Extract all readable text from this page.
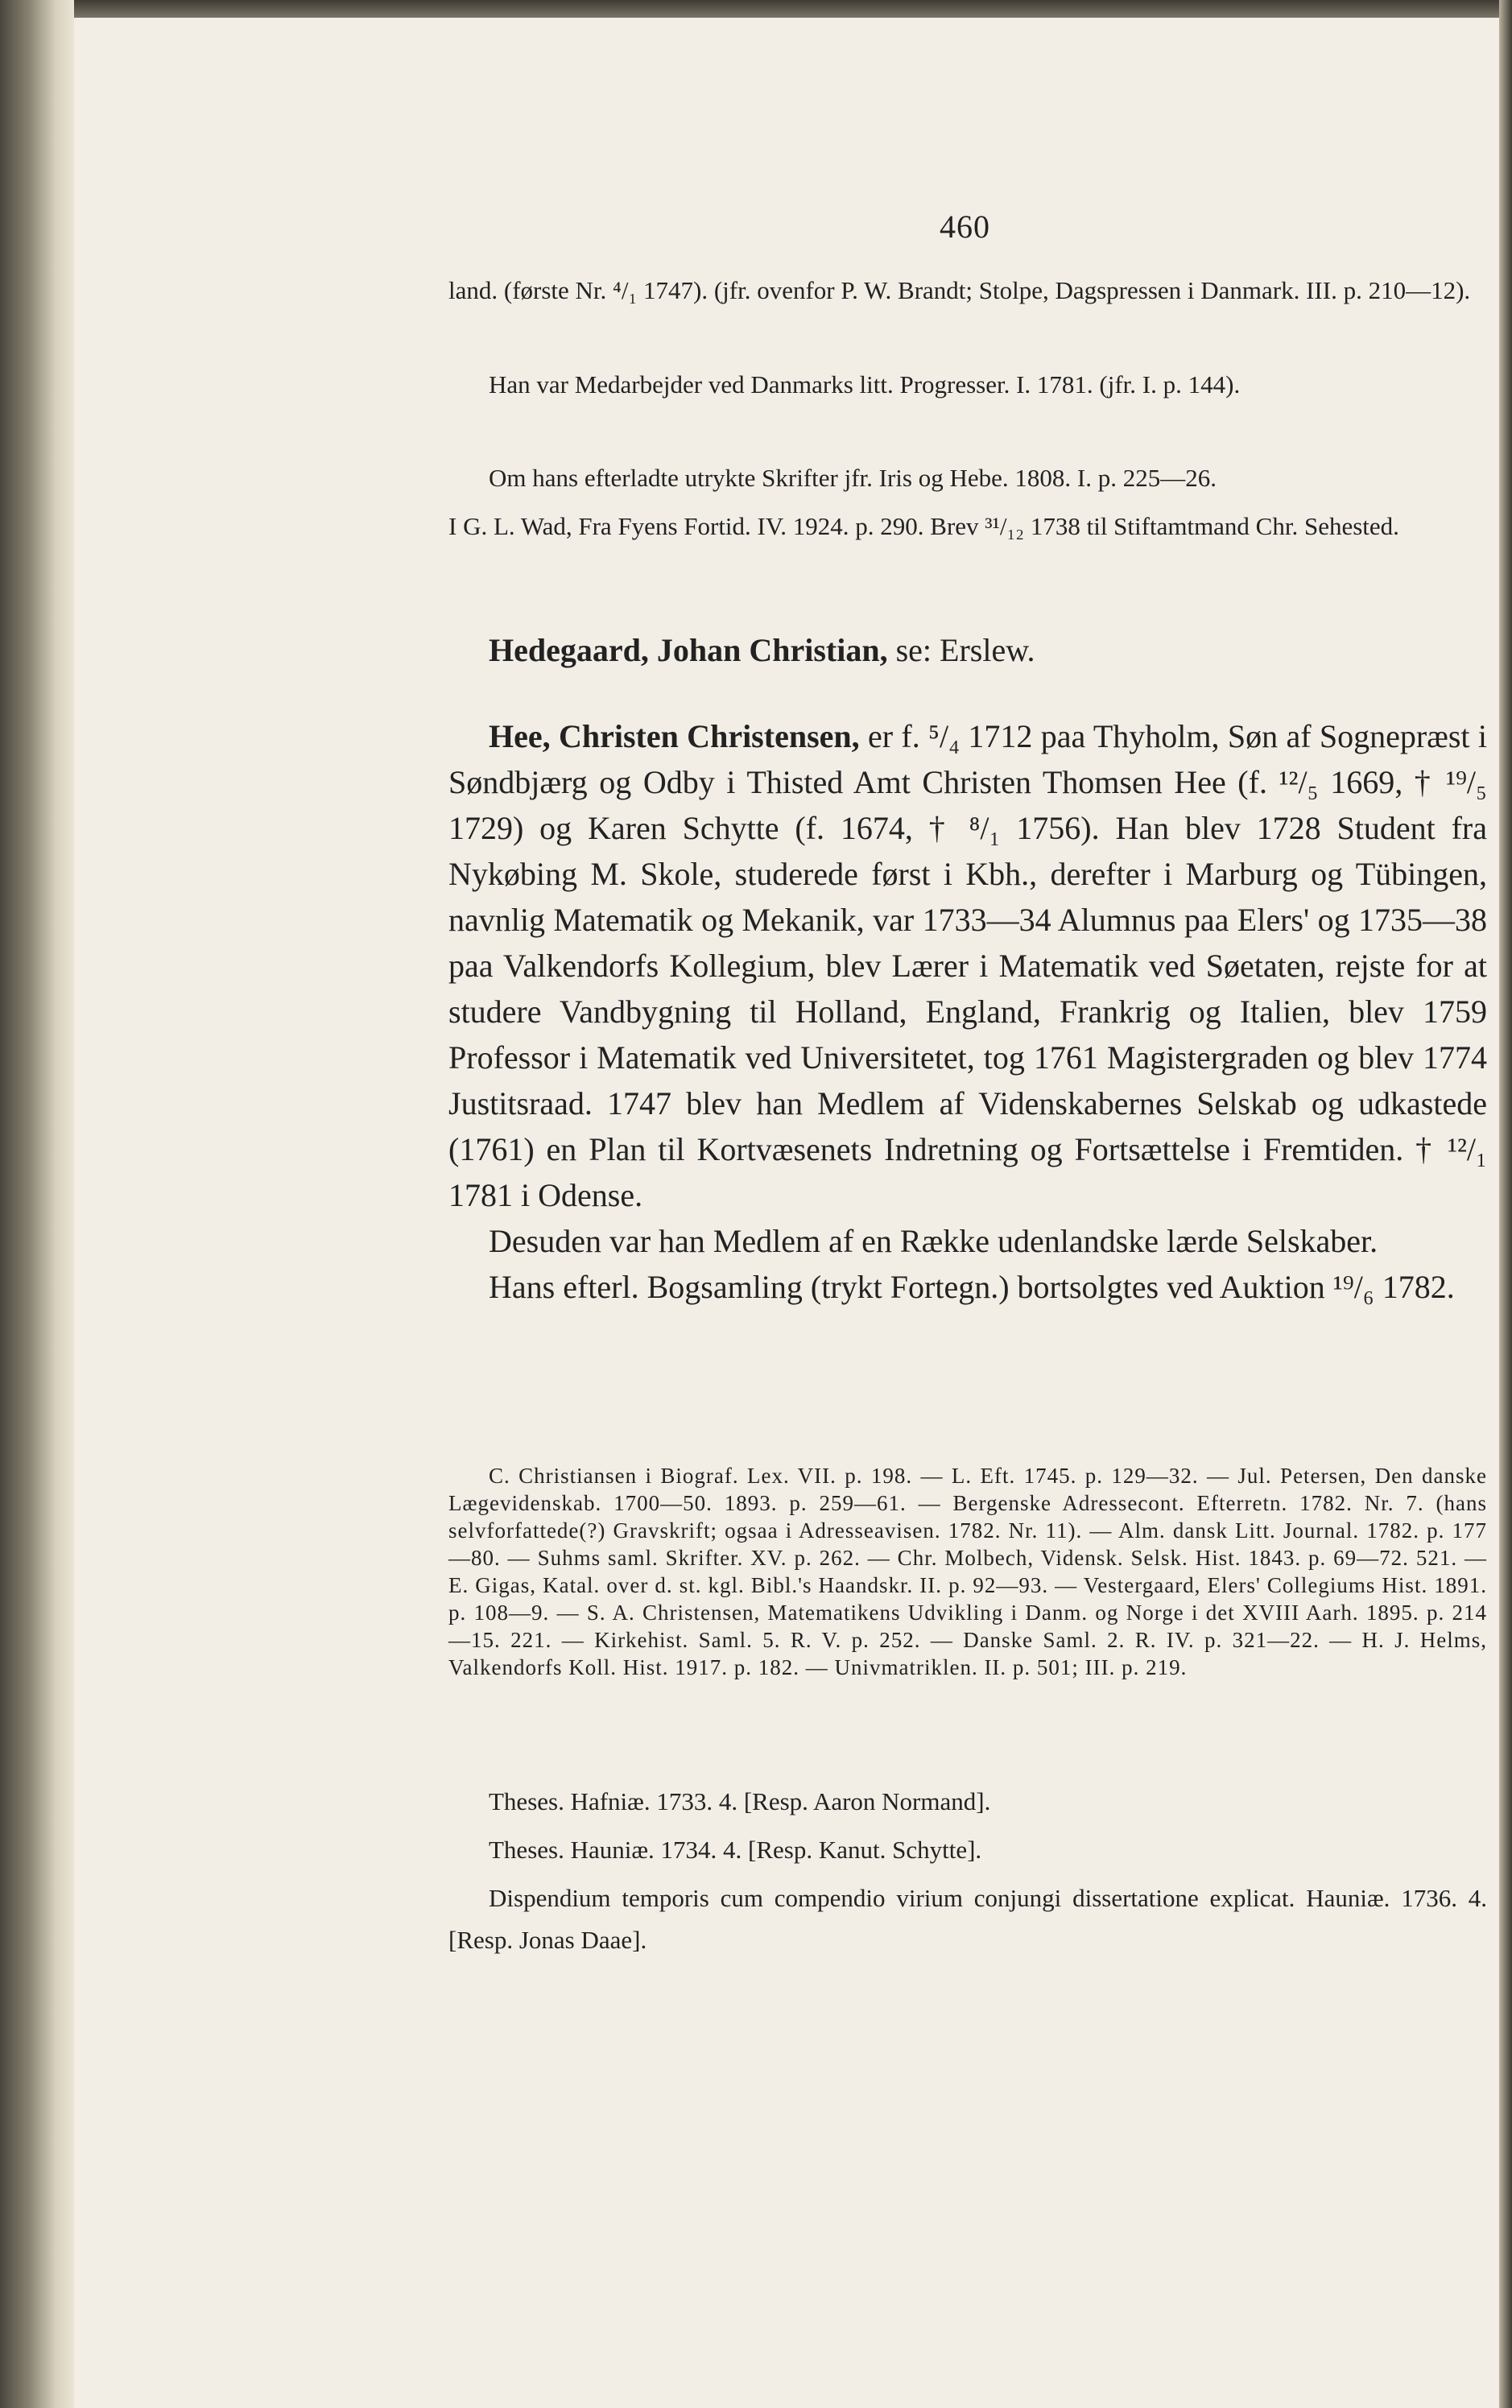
460

land. (første Nr. ⁴/₁ 1747). (jfr. ovenfor P. W. Brandt; Stolpe, Dagspressen i Danmark. III. p. 210—12).

Han var Medarbejder ved Danmarks litt. Progresser. I. 1781. (jfr. I. p. 144).

Om hans efterladte utrykte Skrifter jfr. Iris og Hebe. 1808. I. p. 225—26.

I G. L. Wad, Fra Fyens Fortid. IV. 1924. p. 290. Brev ³¹/₁₂ 1738 til Stiftamtmand Chr. Sehested.

Hedegaard, Johan Christian, se: Erslew.

Hee, Christen Christensen, er f. ⁵/₄ 1712 paa Thyholm, Søn af Sognepræst i Søndbjærg og Odby i Thisted Amt Christen Thomsen Hee (f. ¹²/₅ 1669, † ¹⁹/₅ 1729) og Karen Schytte (f. 1674, † ⁸/₁ 1756). Han blev 1728 Student fra Nykøbing M. Skole, studerede først i Kbh., derefter i Marburg og Tübingen, navnlig Matematik og Mekanik, var 1733—34 Alumnus paa Elers' og 1735—38 paa Valkendorfs Kollegium, blev Lærer i Matematik ved Søetaten, rejste for at studere Vandbygning til Holland, England, Frankrig og Italien, blev 1759 Professor i Matematik ved Universitetet, tog 1761 Magistergraden og blev 1774 Justitsraad. 1747 blev han Medlem af Videnskabernes Selskab og udkastede (1761) en Plan til Kortvæsenets Indretning og Fortsættelse i Fremtiden. † ¹²/₁ 1781 i Odense.

Desuden var han Medlem af en Række udenlandske lærde Selskaber.

Hans efterl. Bogsamling (trykt Fortegn.) bortsolgtes ved Auktion ¹⁹/₆ 1782.

C. Christiansen i Biograf. Lex. VII. p. 198. — L. Eft. 1745. p. 129—32. — Jul. Petersen, Den danske Lægevidenskab. 1700—50. 1893. p. 259—61. — Bergenske Adressecont. Efterretn. 1782. Nr. 7. (hans selvforfattede(?) Gravskrift; ogsaa i Adresseavisen. 1782. Nr. 11). — Alm. dansk Litt. Journal. 1782. p. 177—80. — Suhms saml. Skrifter. XV. p. 262. — Chr. Molbech, Vidensk. Selsk. Hist. 1843. p. 69—72. 521. — E. Gigas, Katal. over d. st. kgl. Bibl.'s Haandskr. II. p. 92—93. — Vestergaard, Elers' Collegiums Hist. 1891. p. 108—9. — S. A. Christensen, Matematikens Udvikling i Danm. og Norge i det XVIII Aarh. 1895. p. 214—15. 221. — Kirkehist. Saml. 5. R. V. p. 252. — Danske Saml. 2. R. IV. p. 321—22. — H. J. Helms, Valkendorfs Koll. Hist. 1917. p. 182. — Univmatriklen. II. p. 501; III. p. 219.

Theses. Hafniæ. 1733. 4. [Resp. Aaron Normand].

Theses. Hauniæ. 1734. 4. [Resp. Kanut. Schytte].

Dispendium temporis cum compendio virium conjungi dissertatione explicat. Hauniæ. 1736. 4. [Resp. Jonas Daae].
